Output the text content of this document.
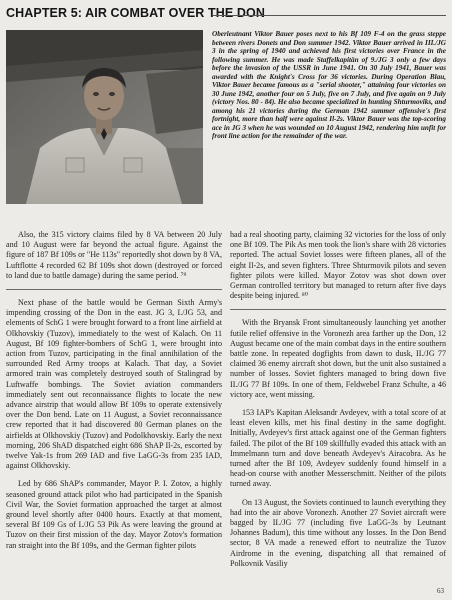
CHAPTER 5: AIR COMBAT OVER THE DON
Oberleutnant Viktor Bauer poses next to his Bf 109 F-4 on the grass steppe between rivers Donets and Don summer 1942. Viktor Bauer arrived in III./JG 3 in the spring of 1940 and achieved his first victories over France in the following summer. He was made Staffelkapitän of 9./JG 3 only a few days before the invasion of the USSR in June 1941. On 30 July 1941, Bauer was awarded with the Knight's Cross for 36 victories. During Operation Blau, Viktor Bauer became famous as a "serial shooter," attaining four victories on 30 June 1942, another four on 5 July, five on 7 July, and five again on 9 July (victory Nos. 80 - 84). He also became specialized in hunting Shturmoviks, and among his 21 victories during the German 1942 summer offensive's first fortnight, more than half were against Il-2s. Viktor Bauer was the top-scoring ace in JG 3 when he was wounded on 10 August 1942, rendering him unfit for front line action for the remainder of the war.

Also, the 315 victory claims filed by 8 VA between 20 July and 10 August were far beyond the actual figure. Against the figure of 187 Bf 109s or "He 113s" reportedly shot down by 8 VA, Luftflotte 4 recorded 62 Bf 109s shot down (destroyed or forced to land due to battle damage) during the same period. ⁷⁹

Next phase of the battle would be German Sixth Army's impending crossing of the Don in the east. JG 3, I./JG 53, and elements of SchG 1 were brought forward to a front line airfield at Olkhovskiy (Tuzov), immediately to the west of Kalach. On 11 August, Bf 109 fighter-bombers of SchG 1, were brought into action from Tuzov, participating in the final annihilation of the surrounded Red Army troops at Kalach. That day, a Soviet armored train was completely destroyed south of Stalingrad by Luftwaffe bombings. The Soviet aviation commanders immediately sent out reconnaissance flights to locate the new advance airstrip that would allow Bf 109s to operate extensively over the Don bend. Late on 11 August, a Soviet reconnaissance crew reported that it had discovered 80 German planes on the airfields at Olkhovskiy (Tuzov) and Podolkhovskiy. Early the next morning, 206 ShAD dispatched eight 686 ShAP Il-2s, escorted by twelve Yak-1s from 269 IAD and five LaGG-3s from 235 IAD, against Olkhovskiy.

Led by 686 ShAP's commander, Mayor P. I. Zotov, a highly seasoned ground attack pilot who had participated in the Spanish Civil War, the Soviet formation approached the target at almost ground level shortly after 0400 hours. Exactly at that moment, several Bf 109 Gs of I./JG 53 Pik As were leaving the ground at Tuzov on their first mission of the day. Mayor Zotov's formation ran straight into the Bf 109s, and the German fighter pilots

had a real shooting party, claiming 32 victories for the loss of only one Bf 109. The Pik As men took the lion's share with 28 victories reported. The actual Soviet losses were fifteen planes, all of the eight Il-2s, and seven fighters. Three Shturmovik pilots and seven fighter pilots were killed. Mayor Zotov was shot down over German controlled territory but managed to return after five days despite being injured. ⁸⁰

With the Bryansk Front simultaneously launching yet another futile relief offensive in the Voronezh area farther up the Don, 12 August became one of the main combat days in the entire southern battle zone. In repeated dogfights from dawn to dusk, II./JG 77 claimed 36 enemy aircraft shot down, but the unit also sustained a number of losses. Soviet fighters managed to bring down five II./JG 77 Bf 109s. In one of them, Feldwebel Franz Schulte, a 46 victory ace, went missing.

153 IAP's Kapitan Aleksandr Avdeyev, with a total score of at least eleven kills, met his final destiny in the same dogfight. Initially, Avdeyev's first attack against one of the German fighters failed. The pilot of the Bf 109 skillfully evaded this attack with an Immelmann turn and dove beneath Avdeyev's Airacobra. As he turned after the Bf 109, Avdeyev suddenly found himself in a head-on course with another Messerschmitt. Neither of the pilots turned away.

On 13 August, the Soviets continued to launch everything they had into the air above Voronezh. Another 27 Soviet aircraft were bagged by II./JG 77 (including five LaGG-3s by Leutnant Johannes Badum), this time without any losses. In the Don Bend sector, 8 VA made a renewed effort to neutralize the Tuzov Airdrome in the evening, dispatching all that remained of Polkovnik Vasiliy

63
